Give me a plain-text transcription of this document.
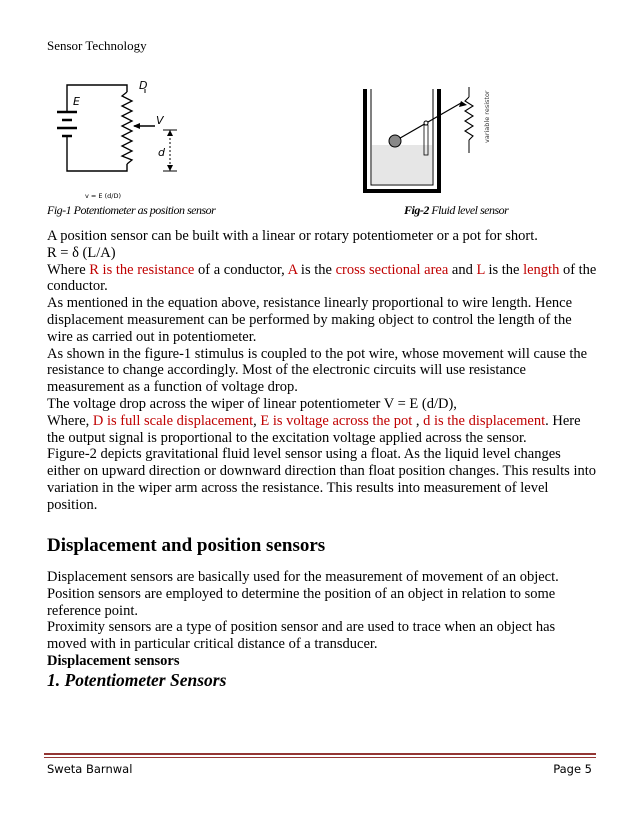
Sensor Technology
E
D
V
d
v = E (d/D)
variable resistor
Fig-1 Potentiometer as position sensor	Fig-2 Fluid level sensor

A position sensor can be built with a linear or rotary potentiometer or a pot for short.

R = δ (L/A)

Where R is the resistance of a conductor, A is the cross sectional area and L is the length of the conductor.

As mentioned in the equation above, resistance linearly proportional to wire length. Hence displacement measurement can be performed by making object to control the length of the wire as carried out in potentiometer.

As shown in the figure-1 stimulus is coupled to the pot wire, whose movement will cause the resistance to change accordingly. Most of the electronic circuits will use resistance measurement as a function of voltage drop.

The voltage drop across the wiper of linear potentiometer V = E (d/D),

Where, D is full scale displacement, E is voltage across the pot , d is the displacement. Here the output signal is proportional to the excitation voltage applied across the sensor.

Figure-2 depicts gravitational fluid level sensor using a float. As the liquid level changes either on upward direction or downward direction than float position changes. This results into variation in the wiper arm across the resistance. This results into measurement of level position.

Displacement and position sensors

Displacement sensors are basically used for the measurement of movement of an object.

Position sensors are employed to determine the position of an object in relation to some reference point.

Proximity sensors are a type of position sensor and are used to trace when an object has moved with in particular critical distance of a transducer.

Displacement sensors

1. Potentiometer Sensors

Sweta Barnwal	Page 5
